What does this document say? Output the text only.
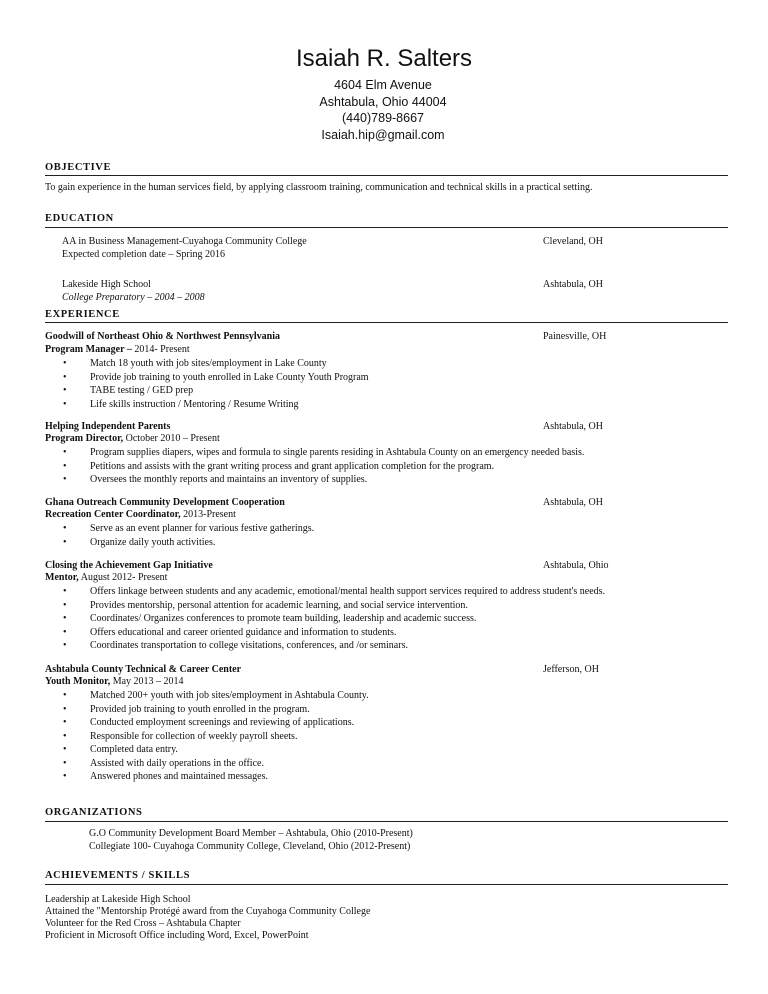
Isaiah R. Salters
4604 Elm Avenue
Ashtabula, Ohio 44004
(440)789-8667
Isaiah.hip@gmail.com
OBJECTIVE
To gain experience in the human services field, by applying classroom training, communication and technical skills in a practical setting.
EDUCATION
AA in Business Management-Cuyahoga Community College
Expected completion date – Spring 2016
Cleveland, OH
Lakeside High School
College Preparatory – 2004 – 2008
Ashtabula, OH
EXPERIENCE
Goodwill of Northeast Ohio & Northwest Pennsylvania	Painesville, OH
Program Manager – 2014- Present
• Match 18 youth with job sites/employment in Lake County
• Provide job training to youth enrolled in Lake County Youth Program
• TABE testing / GED prep
• Life skills instruction / Mentoring / Resume Writing
Helping Independent Parents	Ashtabula, OH
Program Director, October 2010 – Present
• Program supplies diapers, wipes and formula to single parents residing in Ashtabula County on an emergency needed basis.
• Petitions and assists with the grant writing process and grant application completion for the program.
• Oversees the monthly reports and maintains an inventory of supplies.
Ghana Outreach Community Development Cooperation	Ashtabula, OH
Recreation Center Coordinator, 2013-Present
• Serve as an event planner for various festive gatherings.
• Organize daily youth activities.
Closing the Achievement Gap Initiative	Ashtabula, Ohio
Mentor, August 2012- Present
• Offers linkage between students and any academic, emotional/mental health support services required to address student's needs.
• Provides mentorship, personal attention for academic learning, and social service intervention.
• Coordinates/ Organizes conferences to promote team building, leadership and academic success.
• Offers educational and career oriented guidance and information to students.
• Coordinates transportation to college visitations, conferences, and /or seminars.
Ashtabula County Technical & Career Center	Jefferson, OH
Youth Monitor, May 2013 – 2014
• Matched 200+ youth with job sites/employment in Ashtabula County.
• Provided job training to youth enrolled in the program.
• Conducted employment screenings and reviewing of applications.
• Responsible for collection of weekly payroll sheets.
• Completed data entry.
• Assisted with daily operations in the office.
• Answered phones and maintained messages.
ORGANIZATIONS
G.O Community Development Board Member – Ashtabula, Ohio (2010-Present)
Collegiate 100- Cuyahoga Community College, Cleveland, Ohio (2012-Present)
ACHIEVEMENTS / SKILLS
Leadership at Lakeside High School
Attained the "Mentorship Protégé award from the Cuyahoga Community College
Volunteer for the Red Cross – Ashtabula Chapter
Proficient in Microsoft Office including Word, Excel, PowerPoint
